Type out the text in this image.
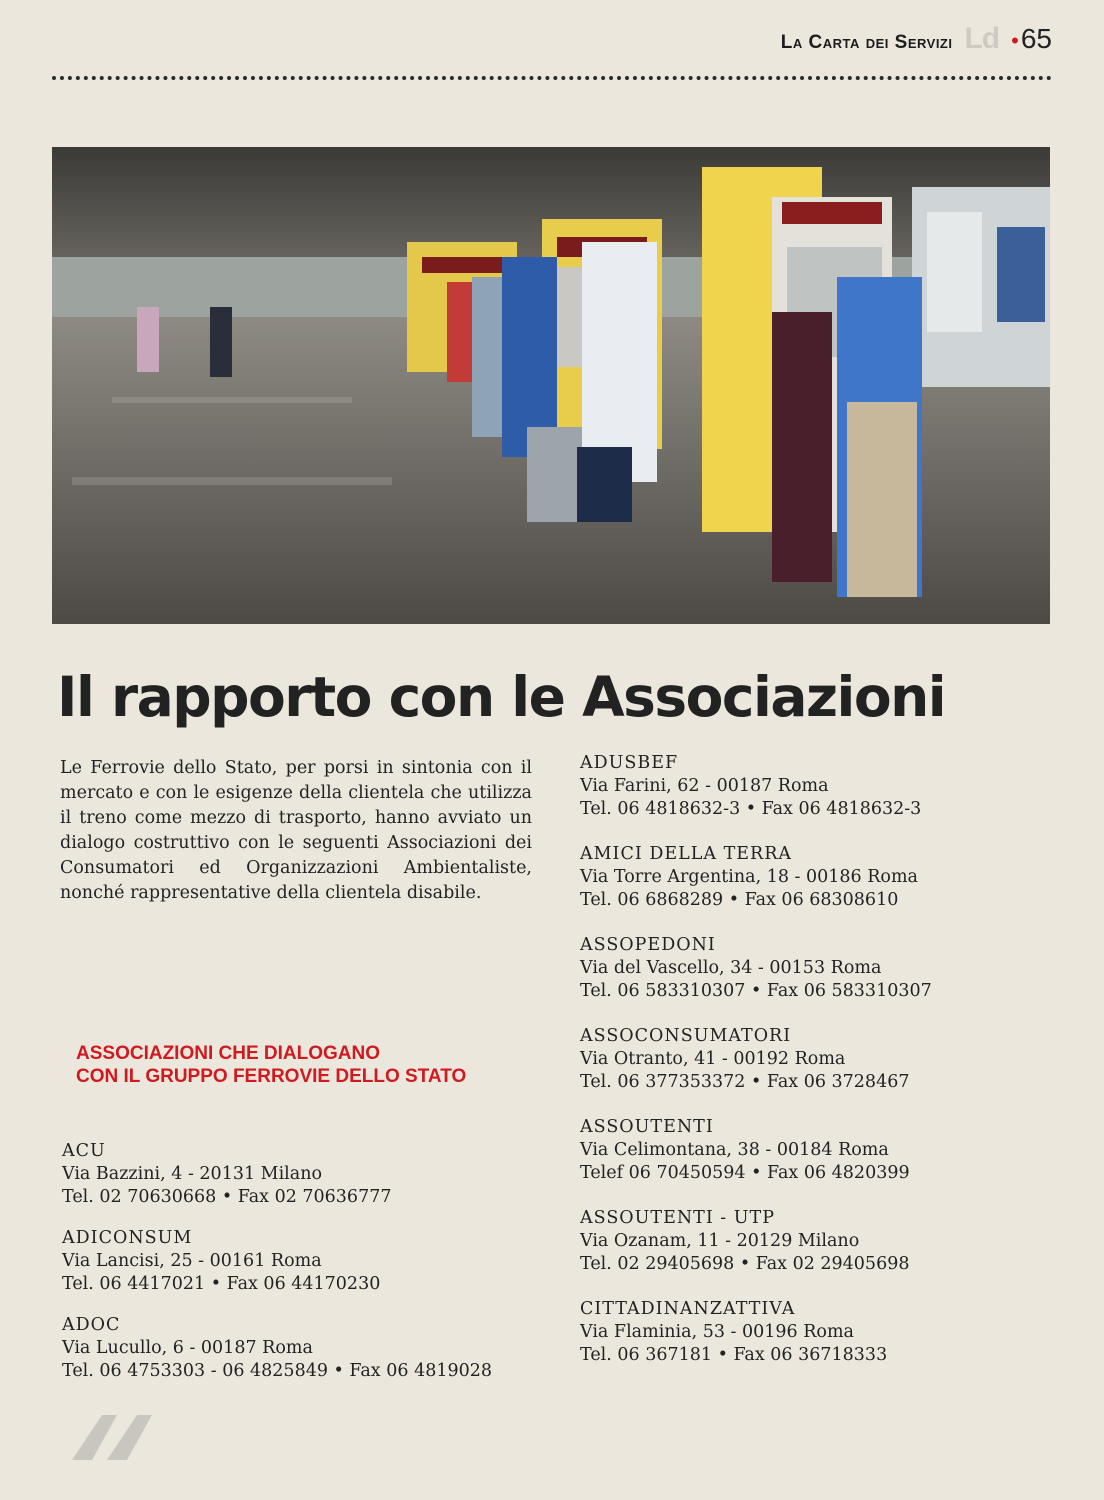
La Carta dei Servizi Ld •65
Il rapporto con le Associazioni

Le Ferrovie dello Stato, per porsi in sintonia con il mercato e con le esigenze della clientela che utilizza il treno come mezzo di trasporto, hanno avviato un dialogo costruttivo con le seguenti Associazioni dei Consumatori ed Organizzazioni Ambientaliste, nonché rappresentative della clientela disabile.

ASSOCIAZIONI CHE DIALOGANO
CON IL GRUPPO FERROVIE DELLO STATO
ACU
Via Bazzini, 4 - 20131 Milano
Tel. 02 70630668 • Fax 02 70636777
ADICONSUM
Via Lancisi, 25 - 00161 Roma
Tel. 06 4417021 • Fax 06 44170230
ADOC
Via Lucullo, 6 - 00187 Roma
Tel. 06 4753303 - 06 4825849 • Fax 06 4819028
ADUSBEF
Via Farini, 62 - 00187 Roma
Tel. 06 4818632-3 • Fax 06 4818632-3
AMICI DELLA TERRA
Via Torre Argentina, 18 - 00186 Roma
Tel. 06 6868289 • Fax 06 68308610
ASSOPEDONI
Via del Vascello, 34 - 00153 Roma
Tel. 06 583310307 • Fax 06 583310307
ASSOCONSUMATORI
Via Otranto, 41 - 00192 Roma
Tel. 06 377353372 • Fax 06 3728467
ASSOUTENTI
Via Celimontana, 38 - 00184 Roma
Telef 06 70450594 • Fax 06 4820399
ASSOUTENTI - UTP
Via Ozanam, 11 - 20129 Milano
Tel. 02 29405698 • Fax 02 29405698
CITTADINANZATTIVA
Via Flaminia, 53 - 00196 Roma
Tel. 06 367181 • Fax 06 36718333
